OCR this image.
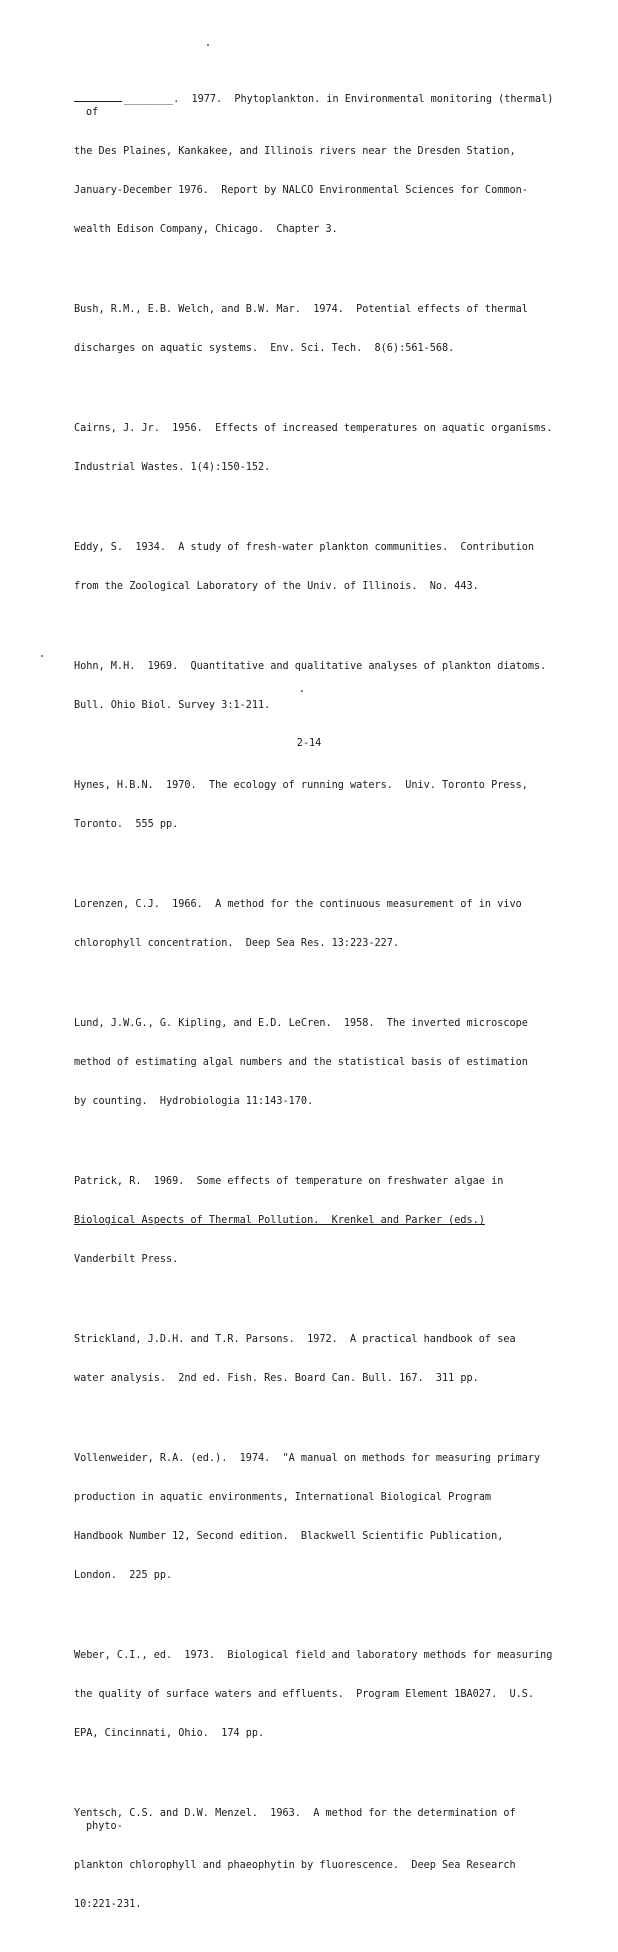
________.  1977.  Phytoplankton. in Environmental monitoring (thermal) of

the Des Plaines, Kankakee, and Illinois rivers near the Dresden Station,

January-December 1976.  Report by NALCO Environmental Sciences for Common-

wealth Edison Company, Chicago.  Chapter 3.

Bush, R.M., E.B. Welch, and B.W. Mar.  1974.  Potential effects of thermal

discharges on aquatic systems.  Env. Sci. Tech.  8(6):561-568.

Cairns, J. Jr.  1956.  Effects of increased temperatures on aquatic organisms.

Industrial Wastes. 1(4):150-152.

Eddy, S.  1934.  A study of fresh-water plankton communities.  Contribution

from the Zoological Laboratory of the Univ. of Illinois.  No. 443.

Hohn, M.H.  1969.  Quantitative and qualitative analyses of plankton diatoms.

Bull. Ohio Biol. Survey 3:1-211.

Hynes, H.B.N.  1970.  The ecology of running waters.  Univ. Toronto Press,

Toronto.  555 pp.

Lorenzen, C.J.  1966.  A method for the continuous measurement of in vivo

chlorophyll concentration.  Deep Sea Res. 13:223-227.

Lund, J.W.G., G. Kipling, and E.D. LeCren.  1958.  The inverted microscope

method of estimating algal numbers and the statistical basis of estimation

by counting.  Hydrobiologia 11:143-170.

Patrick, R.  1969.  Some effects of temperature on freshwater algae in

Biological Aspects of Thermal Pollution.  Krenkel and Parker (eds.)

Vanderbilt Press.

Strickland, J.D.H. and T.R. Parsons.  1972.  A practical handbook of sea

water analysis.  2nd ed. Fish. Res. Board Can. Bull. 167.  311 pp.

Vollenweider, R.A. (ed.).  1974.  "A manual on methods for measuring primary

production in aquatic environments, International Biological Program

Handbook Number 12, Second edition.  Blackwell Scientific Publication,

London.  225 pp.

Weber, C.I., ed.  1973.  Biological field and laboratory methods for measuring

the quality of surface waters and effluents.  Program Element 1BA027.  U.S.

EPA, Cincinnati, Ohio.  174 pp.

Yentsch, C.S. and D.W. Menzel.  1963.  A method for the determination of phyto-

plankton chlorophyll and phaeophytin by fluorescence.  Deep Sea Research

10:221-231.

2-14
